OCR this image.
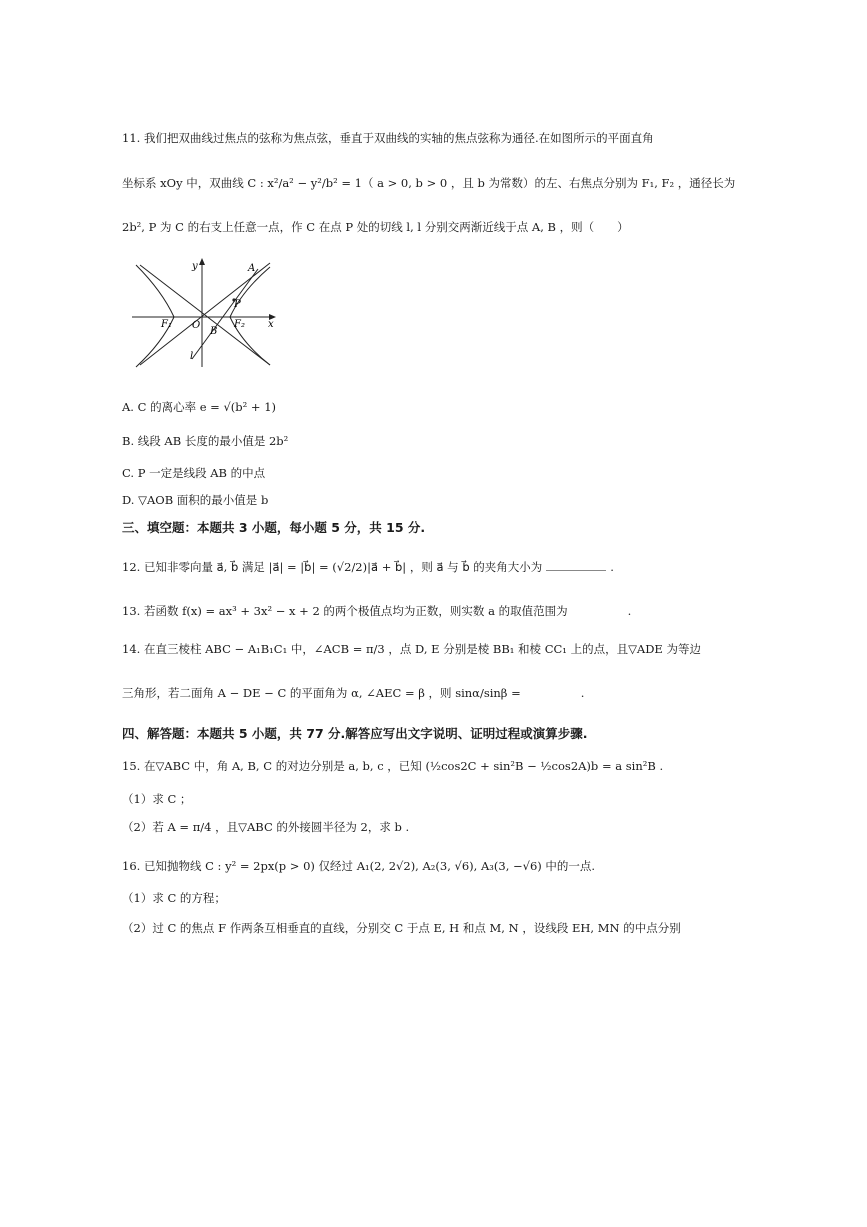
11. 我们把双曲线过焦点的弦称为焦点弦，垂直于双曲线的实轴的焦点弦称为通径.在如图所示的平面直角
坐标系 xOy 中，双曲线 C : x²/a² − y²/b² = 1（ a > 0, b > 0 ，且 b 为常数）的左、右焦点分别为 F₁, F₂ ，通径长为
2b², P 为 C 的右支上任意一点，作 C 在点 P 处的切线 l, l 分别交两渐近线于点 A, B ，则（　　）
y
x
A
P
O
F₁	F₂
B
l
A. C 的离心率 e = √(b² + 1)
B. 线段 AB 长度的最小值是 2b²
C. P 一定是线段 AB 的中点
D. ▽AOB 面积的最小值是 b
三、填空题：本题共 3 小题，每小题 5 分，共 15 分.
12. 已知非零向量 a⃗, b⃗ 满足 |a⃗| = |b⃗| = (√2/2)|a⃗ + b⃗| ，则 a⃗ 与 b⃗ 的夹角大小为	.
13. 若函数 f(x) = ax³ + 3x² − x + 2 的两个极值点均为正数，则实数 a 的取值范围为	.
14. 在直三棱柱 ABC − A₁B₁C₁ 中，∠ACB = π/3 ，点 D, E 分别是棱 BB₁ 和棱 CC₁ 上的点，且▽ADE 为等边
三角形，若二面角 A − DE − C 的平面角为 α, ∠AEC = β ，则 sinα/sinβ =	.
四、解答题：本题共 5 小题，共 77 分.解答应写出文字说明、证明过程或演算步骤.
15. 在▽ABC 中，角 A, B, C 的对边分别是 a, b, c ，已知 (½cos2C + sin²B − ½cos2A)b = a sin²B .
（1）求 C ；
（2）若 A = π/4 ，且▽ABC 的外接圆半径为 2，求 b .
16. 已知抛物线 C : y² = 2px(p > 0) 仅经过 A₁(2, 2√2), A₂(3, √6), A₃(3, −√6) 中的一点.
（1）求 C 的方程；
（2）过 C 的焦点 F 作两条互相垂直的直线，分别交 C 于点 E, H 和点 M, N ，设线段 EH, MN 的中点分别
